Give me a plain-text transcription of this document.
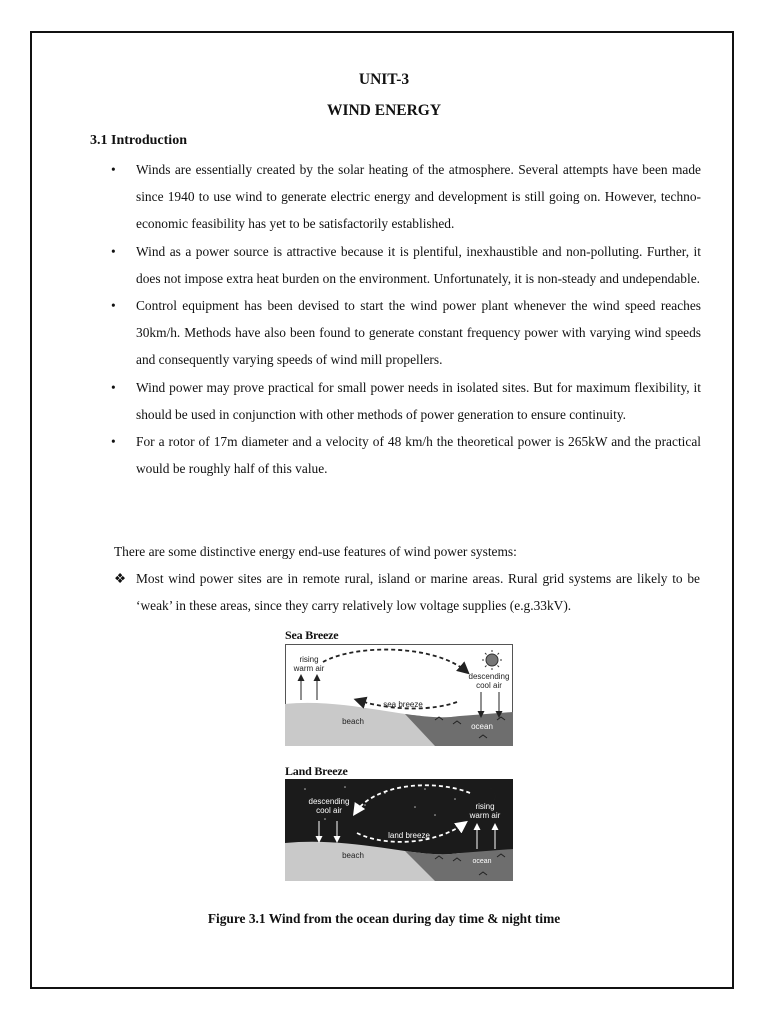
UNIT-3
WIND ENERGY
3.1 Introduction
• Winds are essentially created by the solar heating of the atmosphere. Several attempts have been made since 1940 to use wind to generate electric energy and development is still going on. However, techno-economic feasibility has yet to be satisfactorily established.
• Wind as a power source is attractive because it is plentiful, inexhaustible and non-polluting. Further, it does not impose extra heat burden on the environment. Unfortunately, it is non-steady and undependable.
• Control equipment has been devised to start the wind power plant whenever the wind speed reaches 30km/h. Methods have also been found to generate constant frequency power with varying wind speeds and consequently varying speeds of wind mill propellers.
• Wind power may prove practical for small power needs in isolated sites. But for maximum flexibility, it should be used in conjunction with other methods of power generation to ensure continuity.
• For a rotor of 17m diameter and a velocity of 48 km/h the theoretical power is 265kW and the practical would be roughly half of this value.
There are some distinctive energy end-use features of wind power systems:
❖ Most wind power sites are in remote rural, island or marine areas. Rural grid systems are likely to be ‘weak’ in these areas, since they carry relatively low voltage supplies (e.g.33kV).
Sea Breeze
rising
warm air
descending
cool air
sea breeze
beach
ocean
Land Breeze
descending
cool air	rising
warm air
land breeze
beach
ocean
Figure 3.1 Wind from the ocean during day time & night time
